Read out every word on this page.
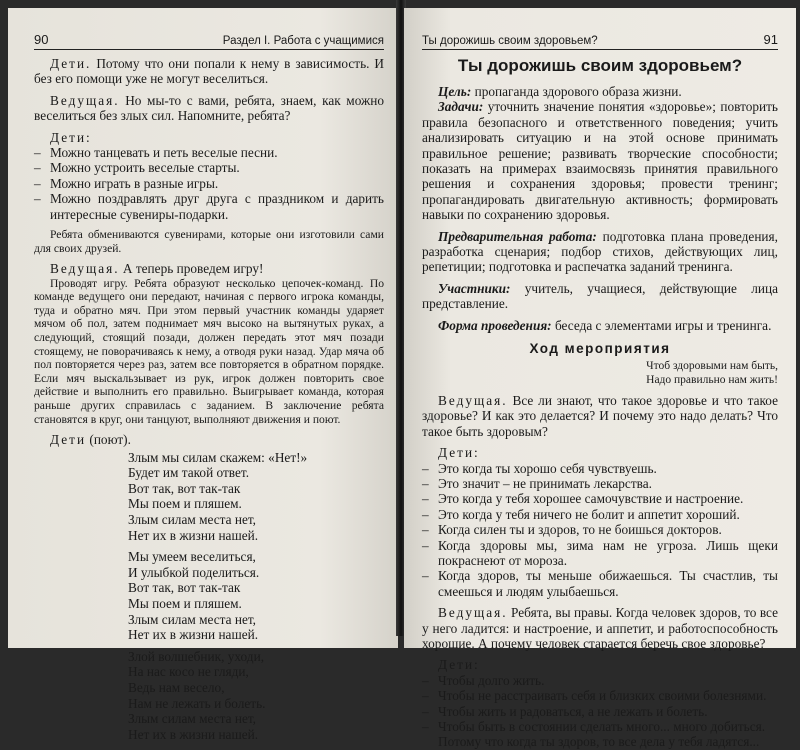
90	Раздел I. Работа с учащимися

Дети. Потому что они попали к нему в зависимость. И без его помощи уже не могут веселиться.

Ведущая. Но мы-то с вами, ребята, знаем, как можно веселиться без злых сил. Напомните, ребята?

Дети:

– Можно танцевать и петь веселые песни.
– Можно устроить веселые старты.
– Можно играть в разные игры.
– Можно поздравлять друг друга с праздником и дарить интересные сувениры-подарки.

Ребята обмениваются сувенирами, которые они изготовили сами для своих друзей.

Ведущая. А теперь проведем игру!

Проводят игру. Ребята образуют несколько цепочек-команд. По команде ведущего они передают, начиная с первого игрока команды, туда и обратно мяч. При этом первый участник команды ударяет мячом об пол, затем поднимает мяч высоко на вытянутых руках, а следующий, стоящий позади, должен передать этот мяч позади стоящему, не поворачиваясь к нему, а отводя руки назад. Удар мяча об пол повторяется через раз, затем все повторяется в обратном порядке. Если мяч выскальзывает из рук, игрок должен повторить свое действие и выполнить его правильно. Выигрывает команда, которая раньше других справилась с заданием. В заключение ребята становятся в круг, они танцуют, выполняют движения и поют.

Дети (поют).

Злым мы силам скажем: «Нет!»
Будет им такой ответ.
Вот так, вот так-так
Мы поем и пляшем.
Злым силам места нет,
Нет их в жизни нашей.
Мы умеем веселиться,
И улыбкой поделиться.
Вот так, вот так-так
Мы поем и пляшем.
Злым силам места нет,
Нет их в жизни нашей.
Злой волшебник, уходи,
На нас косо не гляди,
Ведь нам весело,
Нам не лежать и болеть.
Злым силам места нет,
Нет их в жизни нашей.
Ты дорожишь своим здоровьем?	91
Ты дорожишь своим здоровьем?

Цель: пропаганда здорового образа жизни.

Задачи: уточнить значение понятия «здоровье»; повторить правила безопасного и ответственного поведения; учить анализировать ситуацию и на этой основе принимать правильное решение; развивать творческие способности; показать на примерах взаимосвязь принятия правильного решения и сохранения здоровья; провести тренинг; пропагандировать двигательную активность; формировать навыки по сохранению здоровья.

Предварительная работа: подготовка плана проведения, разработка сценария; подбор стихов, действующих лиц, репетиции; подготовка и распечатка заданий тренинга.

Участники: учитель, учащиеся, действующие лица представление.

Форма проведения: беседа с элементами игры и тренинга.

Ход мероприятия
Чтоб здоровыми нам быть,
Надо правильно нам жить!

Ведущая. Все ли знают, что такое здоровье и что такое здоровье? И как это делается? И почему это надо делать? Что такое быть здоровым?

Дети:

– Это когда ты хорошо себя чувствуешь.
– Это значит – не принимать лекарства.
– Это когда у тебя хорошее самочувствие и настроение.
– Это когда у тебя ничего не болит и аппетит хороший.
– Когда силен ты и здоров, то не боишься докторов.
– Когда здоровы мы, зима нам не угроза. Лишь щеки покраснеют от мороза.
– Когда здоров, ты меньше обижаешься. Ты счастлив, ты смеешься и людям улыбаешься.

Ведущая. Ребята, вы правы. Когда человек здоров, то все у него ладится: и настроение, и аппетит, и работоспособность хорошие. А почему человек старается беречь свое здоровье?

Дети:

– Чтобы долго жить.
– Чтобы не расстраивать себя и близких своими болезнями.
– Чтобы жить и радоваться, а не лежать и болеть.
– Чтобы быть в состоянии сделать много... много добиться.

Потому что когда ты здоров, то все дела у тебя ладятся...
